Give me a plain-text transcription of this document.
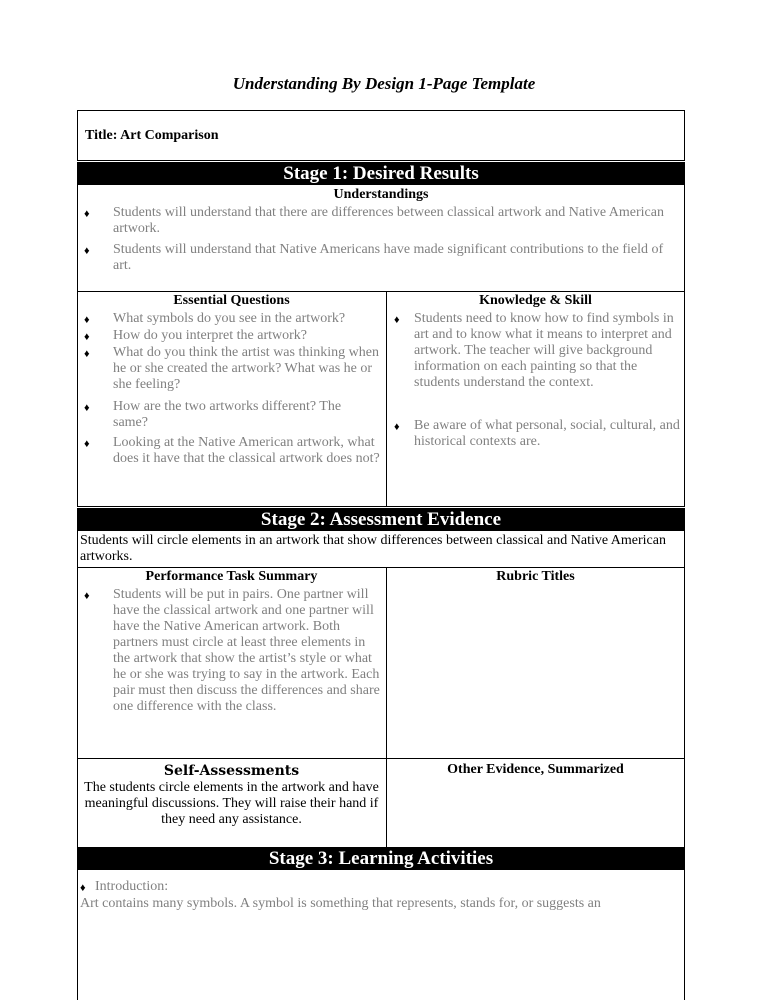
Understanding By Design 1-Page Template
Title: Art Comparison
Stage 1: Desired Results
Understandings
♦ Students will understand that there are differences between classical artwork and Native American artwork.
♦ Students will understand that Native Americans have made significant contributions to the field of art.
Essential Questions
♦ What symbols do you see in the artwork?
♦ How do you interpret the artwork?
♦ What do you think the artist was thinking when he or she created the artwork? What was he or she feeling?
♦ How are the two artworks different? The same?
♦ Looking at the Native American artwork, what does it have that the classical artwork does not?
Knowledge & Skill
♦ Students need to know how to find symbols in art and to know what it means to interpret and artwork. The teacher will give background information on each painting so that the students understand the context.
♦ Be aware of what personal, social, cultural, and historical contexts are.
Stage 2: Assessment Evidence
Students will circle elements in an artwork that show differences between classical and Native American artworks.
Performance Task Summary	Rubric Titles
♦ Students will be put in pairs. One partner will have the classical artwork and one partner will have the Native American artwork. Both partners must circle at least three elements in the artwork that show the artist’s style or what he or she was trying to say in the artwork. Each pair must then discuss the differences and share one difference with the class.
Self-Assessments	Other Evidence, Summarized
The students circle elements in the artwork and have meaningful discussions. They will raise their hand if they need any assistance.
Stage 3: Learning Activities
♦ Introduction:
Art contains many symbols. A symbol is something that represents, stands for, or suggests an
